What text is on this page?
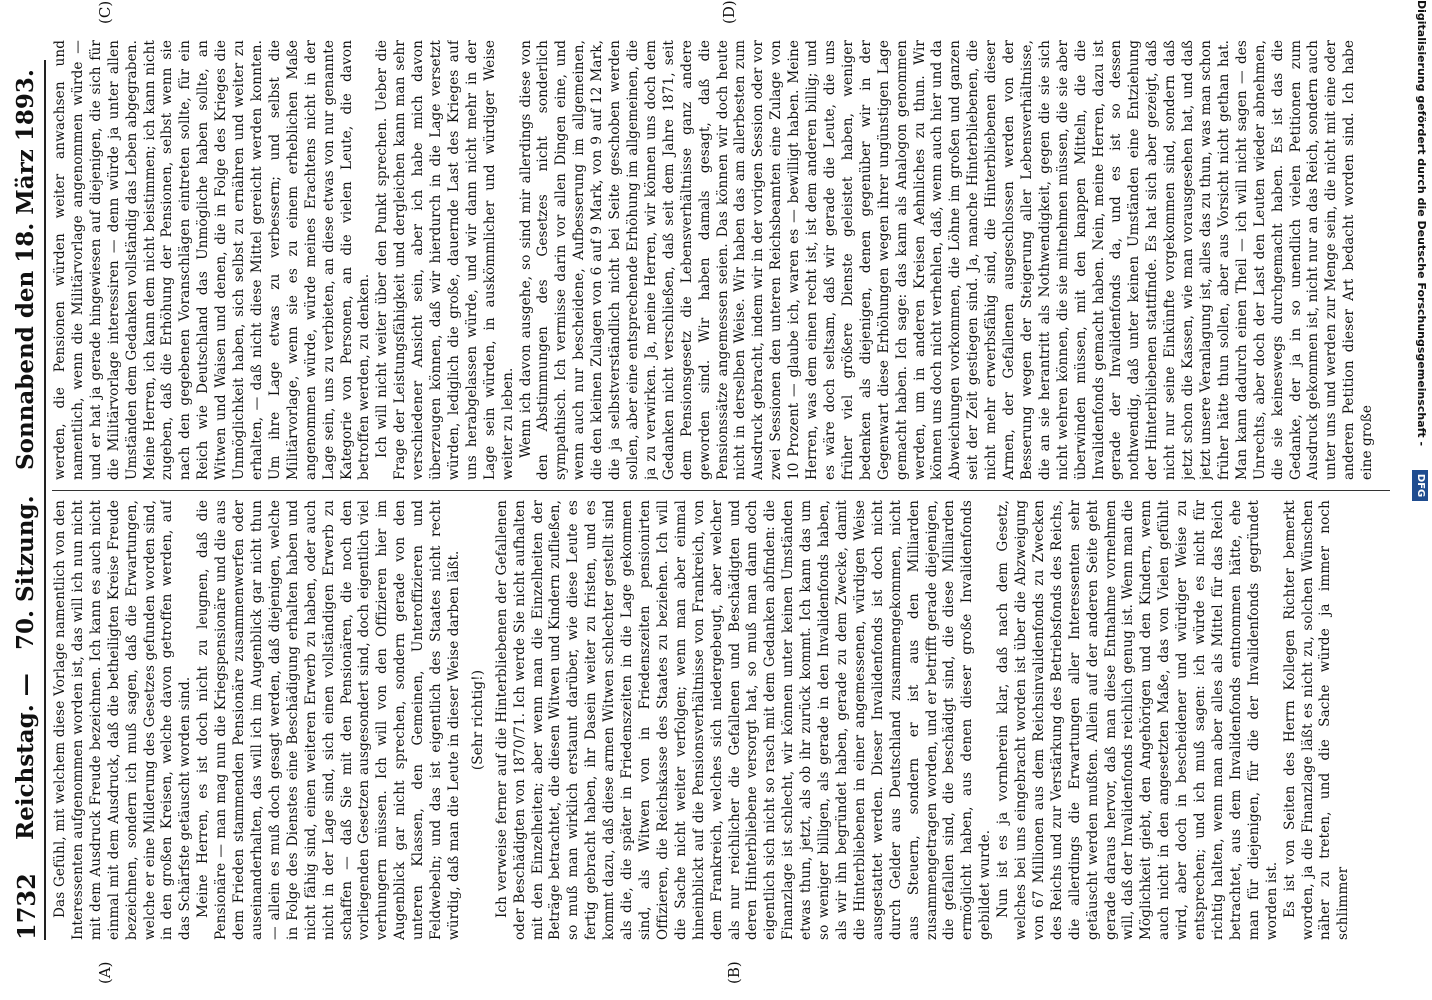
1732
Reichstag. —
70. Sitzung.
Sonnabend den 18. März 1893.
(A)	(B)
(C)	(D)

Das Gefühl, mit welchem diese Vorlage namentlich von den Interessenten aufgenommen worden ist, das will ich nun nicht mit dem Ausdruck Freude bezeichnen. Ich kann es auch nicht einmal mit dem Ausdruck, daß die betheiligten Kreise Freude bezeichnen, sondern ich muß sagen, daß die Erwartungen, welche er eine Milderung des Gesetzes gefunden worden sind, in den großen Kreisen, welche davon getroffen werden, auf das Schärfste getäuscht worden sind. Meine Herren, es ist doch nicht zu leugnen, daß die Pensionäre — man mag nun die Kriegspensionäre und die aus dem Frieden stammenden Pensionäre zusammenwerfen oder auseinanderhalten, das will ich im Augenblick gar nicht thun — allein es muß doch gesagt werden, daß diejenigen, welche in Folge des Dienstes eine Beschädigung erhalten haben und nicht fähig sind, einen weiteren Erwerb zu haben, oder auch nicht in der Lage sind, sich einen vollständigen Erwerb zu schaffen — daß Sie mit den Pensionären, die noch den vorliegenden Gesetzen ausgesondert sind, doch eigentlich viel verhungern müssen. Ich will von den Offizieren hier im Augenblick gar nicht sprechen, sondern gerade von den unteren Klassen, den Gemeinen, Unteroffizieren und Feldwebeln; und das ist eigentlich des Staates nicht recht würdig, daß man die Leute in dieser Weise darben läßt. (Sehr richtig!) Ich verweise ferner auf die Hinterbliebenen der Gefallenen oder Beschädigten von 1870/71. Ich werde Sie nicht aufhalten mit den Einzelheiten; aber wenn man die Einzelheiten der Beträge betrachtet, die diesen Witwen und Kindern zufließen, so muß man wirklich erstaunt darüber, wie diese Leute es fertig gebracht haben, ihr Dasein weiter zu fristen, und es kommt dazu, daß diese armen Witwen schlechter gestellt sind als die, die später in Friedenszeiten in die Lage gekommen sind, als Witwen von in Friedenszeiten pensionirten Offizieren, die Reichskasse des Staates zu beziehen. Ich will die Sache nicht weiter verfolgen; wenn man aber einmal hineinblickt auf die Pensionsverhältnisse von Frankreich, von dem Frankreich, welches sich niedergebeugt, aber welcher als nur reichlicher die Gefallenen und Beschädigten und deren Hinterbliebene versorgt hat, so muß man dann doch eigentlich sich nicht so rasch mit dem Gedanken abfinden: die Finanzlage ist schlecht, wir können unter keinen Umständen etwas thun, jetzt, als ob ihr zurück kommt. Ich kann das um so weniger billigen, als gerade in den Invalidenfonds haben, als wir ihn begründet haben, gerade zu dem Zwecke, damit die Hinterbliebenen in einer angemessenen, würdigen Weise ausgestattet werden. Dieser Invalidenfonds ist doch nicht durch Gelder aus Deutschland zusammengekommen, nicht aus Steuern, sondern er ist aus den Milliarden zusammengetragen worden, und er betrifft gerade diejenigen, die gefallen sind, die beschädigt sind, die diese Milliarden ermöglicht haben, aus denen dieser große Invalidenfonds gebildet wurde. Nun ist es ja vornherein klar, daß nach dem Gesetz, welches bei uns eingebracht worden ist über die Abzweigung von 67 Millionen aus dem Reichsinvalidenfonds zu Zwecken des Reichs und zur Verstärkung des Betriebsfonds des Reichs, die allerdings die Erwartungen aller Interessenten sehr getäuscht werden mußten. Allein auf der anderen Seite geht gerade daraus hervor, daß man diese Entnahme vornehmen will, daß der Invalidenfonds reichlich genug ist. Wenn man die Möglichkeit giebt, den Angehörigen und den Kindern, wenn auch nicht in den angesetzten Maße, das von Vielen gefühlt wird, aber doch in bescheidener und würdiger Weise zu entsprechen; und ich muß sagen: ich würde es nicht für richtig halten, wenn man aber alles als Mittel für das Reich betrachtet, aus dem Invalidenfonds entnommen hätte, ehe man für diejenigen, für die der Invalidenfonds gegründet worden ist. Es ist von Seiten des Herrn Kollegen Richter bemerkt worden, ja die Finanzlage läßt es nicht zu, solchen Wünschen näher zu treten, und die Sache würde ja immer noch schlimmer

werden, die Pensionen würden weiter anwachsen und namentlich, wenn die Militärvorlage angenommen würde — und er hat ja gerade hingewiesen auf diejenigen, die sich für die Militärvorlage interessiren — denn würde ja unter allen Umständen dem Gedanken vollständig das Leben abgegraben. Meine Herren, ich kann dem nicht beistimmen; ich kann nicht zugeben, daß die Erhöhung der Pensionen, selbst wenn sie nach den gegebenen Voranschlägen eintreten sollte, für ein Reich wie Deutschland das Unmögliche haben sollte, an Witwen und Waisen und denen, die in Folge des Krieges die Unmöglichkeit haben, sich selbst zu ernähren und weiter zu erhalten, — daß nicht diese Mittel gereicht werden konnten. Um ihre Lage etwas zu verbessern; und selbst die Militärvorlage, wenn sie es zu einem erheblichen Maße angenommen würde, würde meines Erachtens nicht in der Lage sein, uns zu verbieten, an diese etwas von nur genannte Kategorie von Personen, an die vielen Leute, die davon betroffen werden, zu denken. Ich will nicht weiter über den Punkt sprechen. Ueber die Frage der Leistungsfähigkeit und dergleichen kann man sehr verschiedener Ansicht sein, aber ich habe mich davon überzeugen können, daß wir hierdurch in die Lage versetzt würden, lediglich die große, dauernde Last des Krieges auf uns herabgelassen würde, und wir dann nicht mehr in der Lage sein würden, in auskömmlicher und würdiger Weise weiter zu leben. Wenn ich davon ausgehe, so sind mir allerdings diese von den Abstimmungen des Gesetzes nicht sonderlich sympathisch. Ich vermisse darin vor allen Dingen eine, und wenn auch nur bescheidene, Aufbesserung im allgemeinen, die den kleinen Zulagen von 6 auf 9 Mark, von 9 auf 12 Mark, die ja selbstverständlich nicht bei Seite geschoben werden sollen, aber eine entsprechende Erhöhung im allgemeinen, die ja zu verwirken. Ja, meine Herren, wir können uns doch dem Gedanken nicht verschließen, daß seit dem Jahre 1871, seit dem Pensionsgesetz die Lebensverhältnisse ganz andere geworden sind. Wir haben damals gesagt, daß die Pensionssätze angemessen seien. Das können wir doch heute nicht in derselben Weise. Wir haben das am allerbesten zum Ausdruck gebracht, indem wir in der vorigen Session oder vor zwei Sessionen den unteren Reichsbeamten eine Zulage von 10 Prozent — glaube ich, waren es — bewilligt haben. Meine Herren, was dem einen recht ist, ist dem anderen billig; und es wäre doch seltsam, daß wir gerade die Leute, die uns früher viel größere Dienste geleistet haben, weniger bedenken als diejenigen, denen gegenüber wir in der Gegenwart diese Erhöhungen wegen ihrer ungünstigen Lage gemacht haben. Ich sage: das kann als Analogon genommen werden, um in anderen Kreisen Aehnliches zu thun. Wir können uns doch nicht verhehlen, daß, wenn auch hier und da Abweichungen vorkommen, die Löhne im großen und ganzen seit der Zeit gestiegen sind. Ja, manche Hinterbliebenen, die nicht mehr erwerbsfähig sind, die Hinterbliebenen dieser Armen, der Gefallenen ausgeschlossen werden von der Besserung wegen der Steigerung aller Lebensverhältnisse, die an sie herantritt als Nothwendigkeit, gegen die sie sich nicht wehren können, die sie mitnehmen müssen, die sie aber überwinden müssen, mit den knappen Mitteln, die die Invalidenfonds gemacht haben. Nein, meine Herren, dazu ist gerade der Invalidenfonds da, und es ist so dessen nothwendig, daß unter keinen Umständen eine Entziehung der Hinterbliebenen stattfinde. Es hat sich aber gezeigt, daß nicht nur seine Einkünfte vorgekommen sind, sondern daß jetzt schon die Kassen, wie man vorausgesehen hat, und daß jetzt unsere Veranlagung ist, alles das zu thun, was man schon früher hätte thun sollen, aber aus Vorsicht nicht gethan hat. Man kann dadurch einen Theil — ich will nicht sagen — des Unrechts, aber doch der Last den Leuten wieder abnehmen, die sie keineswegs durchgemacht haben. Es ist das die Gedanke, der ja in so unendlich vielen Petitionen zum Ausdruck gekommen ist, nicht nur an das Reich, sondern auch unter uns und werden zur Menge sein, die nicht mit eine oder anderen Petition dieser Art bedacht worden sind. Ich habe eine große	Digitalisierung gefördert durch die Deutsche Forschungsgemeinschaft - DFG
